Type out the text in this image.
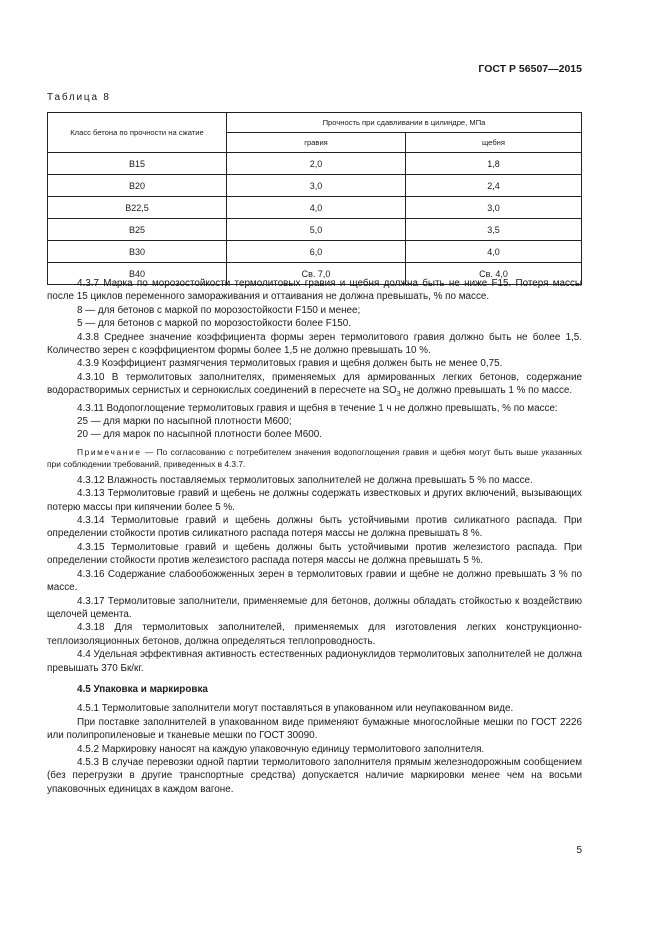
ГОСТ Р 56507—2015
Таблица 8
Класс бетона по прочности на сжатие	Прочность при сдавливании в цилиндре, МПа	
	гравия	щебня
B15	2,0	1,8
B20	3,0	2,4
B22,5	4,0	3,0
B25	5,0	3,5
B30	6,0	4,0
B40	Св. 7,0	Св. 4,0

4.3.7 Марка по морозостойкости термолитовых гравия и щебня должна быть не ниже F15. Потеря массы после 15 циклов переменного замораживания и оттаивания не должна превышать, % по массе.

8 — для бетонов с маркой по морозостойкости F150 и менее;

5 — для бетонов с маркой по морозостойкости более F150.

4.3.8 Среднее значение коэффициента формы зерен термолитового гравия должно быть не более 1,5. Количество зерен с коэффициентом формы более 1,5 не должно превышать 10 %.

4.3.9 Коэффициент размягчения термолитовых гравия и щебня должен быть не менее 0,75.

4.3.10 В термолитовых заполнителях, применяемых для армированных легких бетонов, содержание водорастворимых сернистых и сернокислых соединений в пересчете на $SO_3$ не должно превышать 1 % по массе.

4.3.11 Водопоглощение термолитовых гравия и щебня в течение 1 ч не должно превышать, % по массе:

25 — для марки по насыпной плотности M600;

20 — для марок по насыпной плотности более M600.

Примечание — По согласованию с потребителем значения водопоглощения гравия и щебня могут быть выше указанных при соблюдении требований, приведенных в 4.3.7.

4.3.12 Влажность поставляемых термолитовых заполнителей не должна превышать 5 % по массе.

4.3.13 Термолитовые гравий и щебень не должны содержать известковых и других включений, вызывающих потерю массы при кипячении более 5 %.

4.3.14 Термолитовые гравий и щебень должны быть устойчивыми против силикатного распада. При определении стойкости против силикатного распада потеря массы не должна превышать 8 %.

4.3.15 Термолитовые гравий и щебень должны быть устойчивыми против железистого распада. При определении стойкости против железистого распада потеря массы не должна превышать 5 %.

4.3.16 Содержание слабообожженных зерен в термолитовых гравии и щебне не должно превышать 3 % по массе.

4.3.17 Термолитовые заполнители, применяемые для бетонов, должны обладать стойкостью к воздействию щелочей цемента.

4.3.18 Для термолитовых заполнителей, применяемых для изготовления легких конструкционно-теплоизоляционных бетонов, должна определяться теплопроводность.

4.4 Удельная эффективная активность естественных радионуклидов термолитовых заполнителей не должна превышать 370 Бк/кг.

4.5 Упаковка и маркировка

4.5.1 Термолитовые заполнители могут поставляться в упакованном или неупакованном виде.

При поставке заполнителей в упакованном виде применяют бумажные многослойные мешки по ГОСТ 2226 или полипропиленовые и тканевые мешки по ГОСТ 30090.

4.5.2 Маркировку наносят на каждую упаковочную единицу термолитового заполнителя.

4.5.3 В случае перевозки одной партии термолитового заполнителя прямым железнодорожным сообщением (без перегрузки в другие транспортные средства) допускается наличие маркировки менее чем на восьми упаковочных единицах в каждом вагоне.

5
